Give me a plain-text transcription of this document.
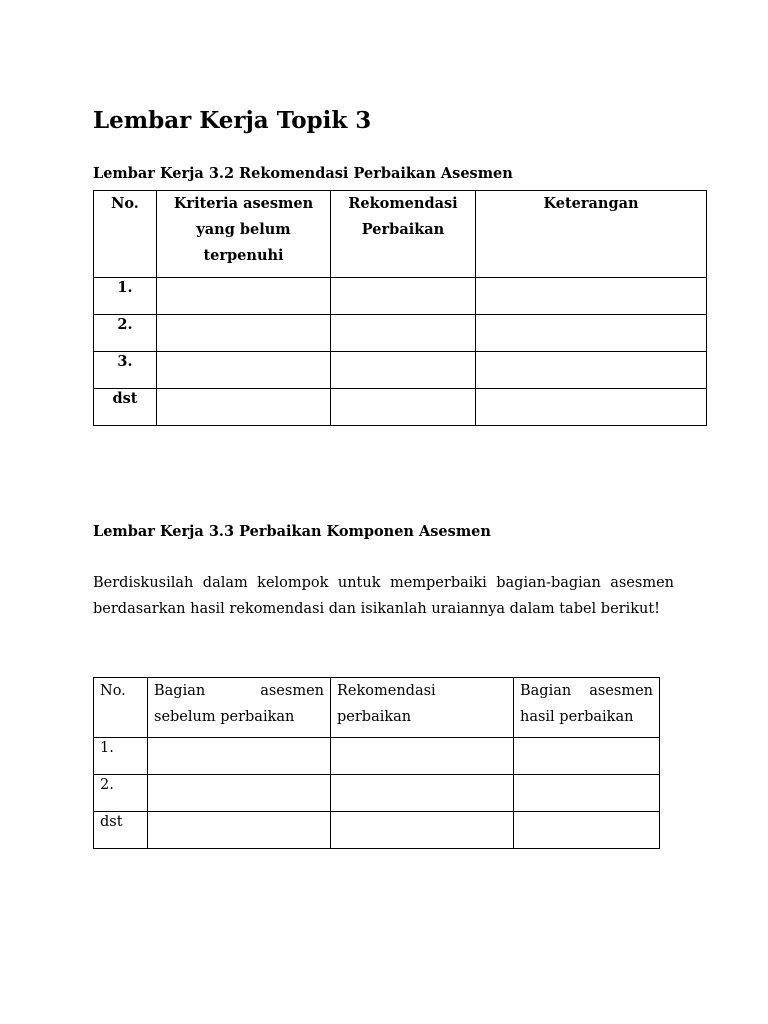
Lembar Kerja Topik 3
Lembar Kerja 3.2 Rekomendasi Perbaikan Asesmen
No.	Kriteria asesmen yang belum terpenuhi	Rekomendasi Perbaikan	Keterangan
1.			
2.			
3.			
dst			
Lembar Kerja 3.3 Perbaikan Komponen Asesmen

Berdiskusilah dalam kelompok untuk memperbaiki bagian-bagian asesmen berdasarkan hasil rekomendasi dan isikanlah uraiannya dalam tabel berikut!

No.	Bagian asesmen sebelum perbaikan	Rekomendasi perbaikan	Bagian asesmen hasil perbaikan
1.			
2.			
dst			
